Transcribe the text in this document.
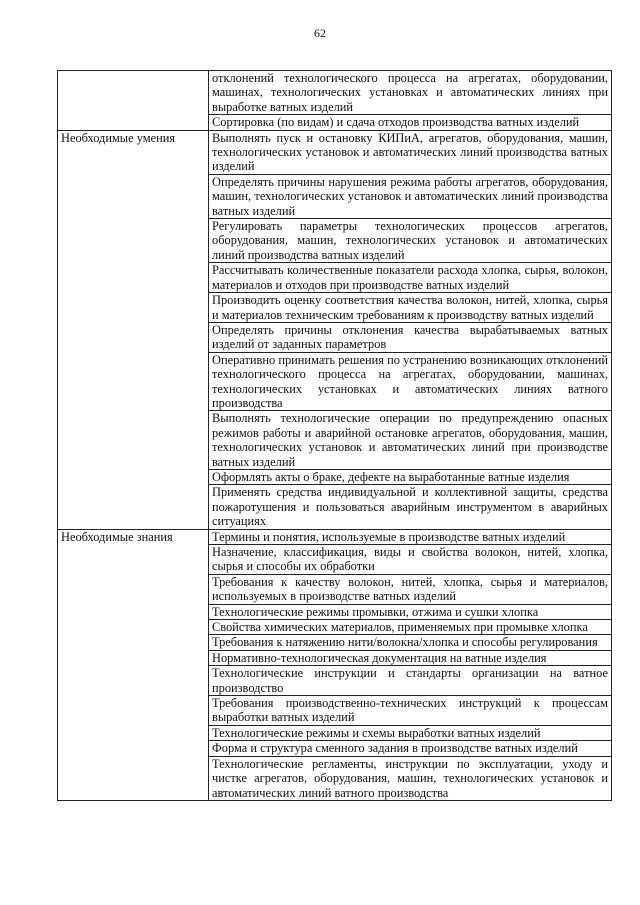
62
	отклонений технологического процесса на агрегатах, оборудовании, машинах, технологических установках и автоматических линиях при выработке ватных изделий
	Сортировка (по видам) и сдача отходов производства ватных изделий
Необходимые умения	Выполнять пуск и остановку КИПиА, агрегатов, оборудования, машин, технологических установок и автоматических линий производства ватных изделий
	Определять причины нарушения режима работы агрегатов, оборудования, машин, технологических установок и автоматических линий производства ватных изделий
	Регулировать параметры технологических процессов агрегатов, оборудования, машин, технологических установок и автоматических линий производства ватных изделий
	Рассчитывать количественные показатели расхода хлопка, сырья, волокон, материалов и отходов при производстве ватных изделий
	Производить оценку соответствия качества волокон, нитей, хлопка, сырья и материалов техническим требованиям к производству ватных изделий
	Определять причины отклонения качества вырабатываемых ватных изделий от заданных параметров
	Оперативно принимать решения по устранению возникающих отклонений технологического процесса на агрегатах, оборудовании, машинах, технологических установках и автоматических линиях ватного производства
	Выполнять технологические операции по предупреждению опасных режимов работы и аварийной остановке агрегатов, оборудования, машин, технологических установок и автоматических линий при производстве ватных изделий
	Оформлять акты о браке, дефекте на выработанные ватные изделия
	Применять средства индивидуальной и коллективной защиты, средства пожаротушения и пользоваться аварийным инструментом в аварийных ситуациях
Необходимые знания	Термины и понятия, используемые в производстве ватных изделий
	Назначение, классификация, виды и свойства волокон, нитей, хлопка, сырья и способы их обработки
	Требования к качеству волокон, нитей, хлопка, сырья и материалов, используемых в производстве ватных изделий
	Технологические режимы промывки, отжима и сушки хлопка
	Свойства химических материалов, применяемых при промывке хлопка
	Требования к натяжению нити/волокна/хлопка и способы регулирования
	Нормативно-технологическая документация на ватные изделия
	Технологические инструкции и стандарты организации на ватное производство
	Требования производственно-технических инструкций к процессам выработки ватных изделий
	Технологические режимы и схемы выработки ватных изделий
	Форма и структура сменного задания в производстве ватных изделий
	Технологические регламенты, инструкции по эксплуатации, уходу и чистке агрегатов, оборудования, машин, технологических установок и автоматических линий ватного производства
